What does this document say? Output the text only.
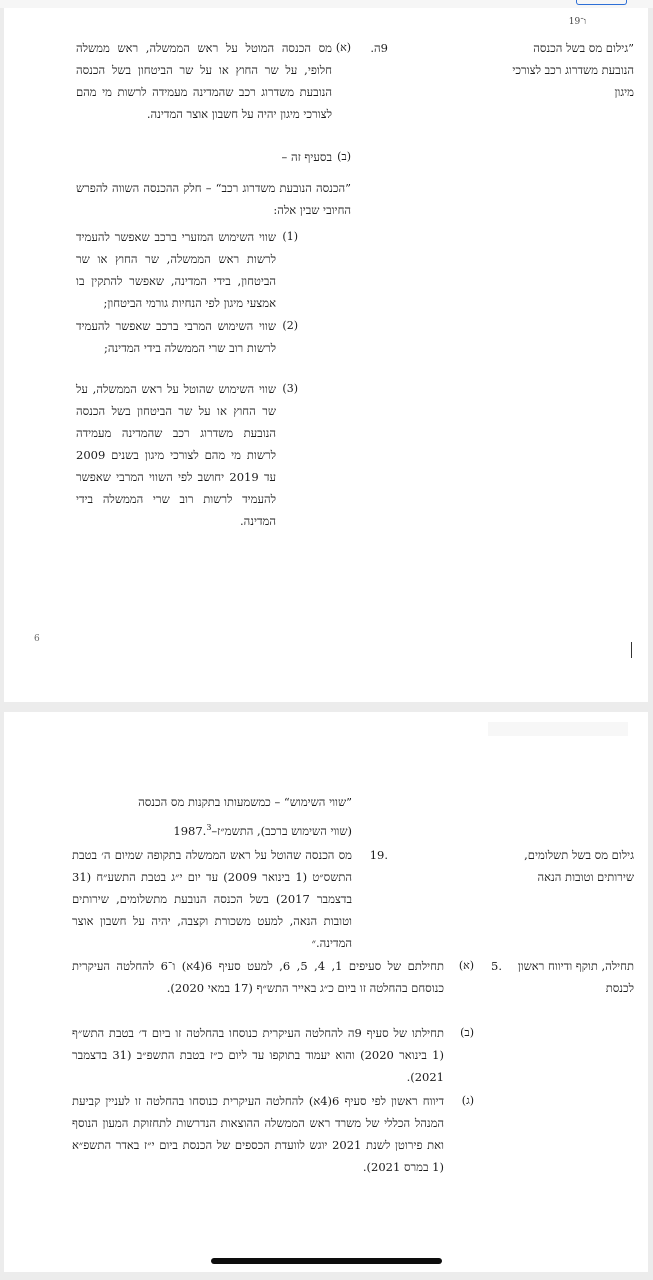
ו־19
”גילום מס בשל הכנסה הנובעת משדרוג רכב לצורכי מיגון
9ה.
(א)
מס הכנסה המוטל על ראש הממשלה, ראש ממשלה חלופי, על שר החוץ או על שר הביטחון בשל הכנסה הנובעת משדרוג רכב שהמדינה מעמידה לרשות מי מהם לצורכי מיגון יהיה על חשבון אוצר המדינה.
(ב)
בסעיף זה –
”הכנסה הנובעת משדרוג רכב“ – חלק ההכנסה השווה להפרש החיובי שבין אלה:
(1)
שווי השימוש המזערי ברכב שאפשר להעמיד לרשות ראש הממשלה, שר החוץ או שר הביטחון, בידי המדינה, שאפשר להתקין בו אמצעי מיגון לפי הנחיות גורמי הביטחון;
(2)
שווי השימוש המרבי ברכב שאפשר להעמיד לרשות רוב שרי הממשלה בידי המדינה;
(3)
שווי השימוש שהוטל על ראש הממשלה, על שר החוץ או על שר הביטחון בשל הכנסה הנובעת משדרוג רכב שהמדינה מעמידה לרשות מי מהם לצורכי מיגון בשנים 2009 עד 2019 יחושב לפי השווי המרבי שאפשר להעמיד לרשות רוב שרי הממשלה בידי המדינה.
6
”שווי השימוש“ – כמשמעותו בתקנות מס הכנסה
(שווי השימוש ברכב), התשמ״ז–1987.$^3$
גילום מס בשל תשלומים, שירותים וטובות הנאה
19.
מס הכנסה שהוטל על ראש הממשלה בתקופה שמיום ה׳ בטבת התשס״ט (1 בינואר 2009) עד יום י״ג בטבת התשע״ח (31 בדצמבר 2017) בשל הכנסה הנובעת מתשלומים, שירותים וטובות הנאה, למעט משכורת וקצבה, יהיה על חשבון אוצר המדינה.״
תחילה, תוקף ודיווח ראשון לכנסת
5.
(א)
תחילתם של סעיפים 1, 4, 5, 6, למעט סעיף 6(4א) ו־6 להחלטה העיקרית כנוסחם בהחלטה זו ביום כ״ג באייר התש״ף (17 במאי 2020).
(ב)
תחילתו של סעיף 9ה להחלטה העיקרית כנוסחו בהחלטה זו ביום ד׳ בטבת התש״ף (1 בינואר 2020) והוא יעמוד בתוקפו עד ליום כ״ז בטבת התשפ״ב (31 בדצמבר 2021).
(ג)
דיווח ראשון לפי סעיף 6(4א) להחלטה העיקרית כנוסחו בהחלטה זו לעניין קביעת המנהל הכללי של משרד ראש הממשלה ההוצאות הנדרשות לתחזוקת המעון הנוסף ואת פירוטן לשנת 2021 יוגש לוועדת הכספים של הכנסת ביום י״ז באדר התשפ״א (1 במרס 2021).
